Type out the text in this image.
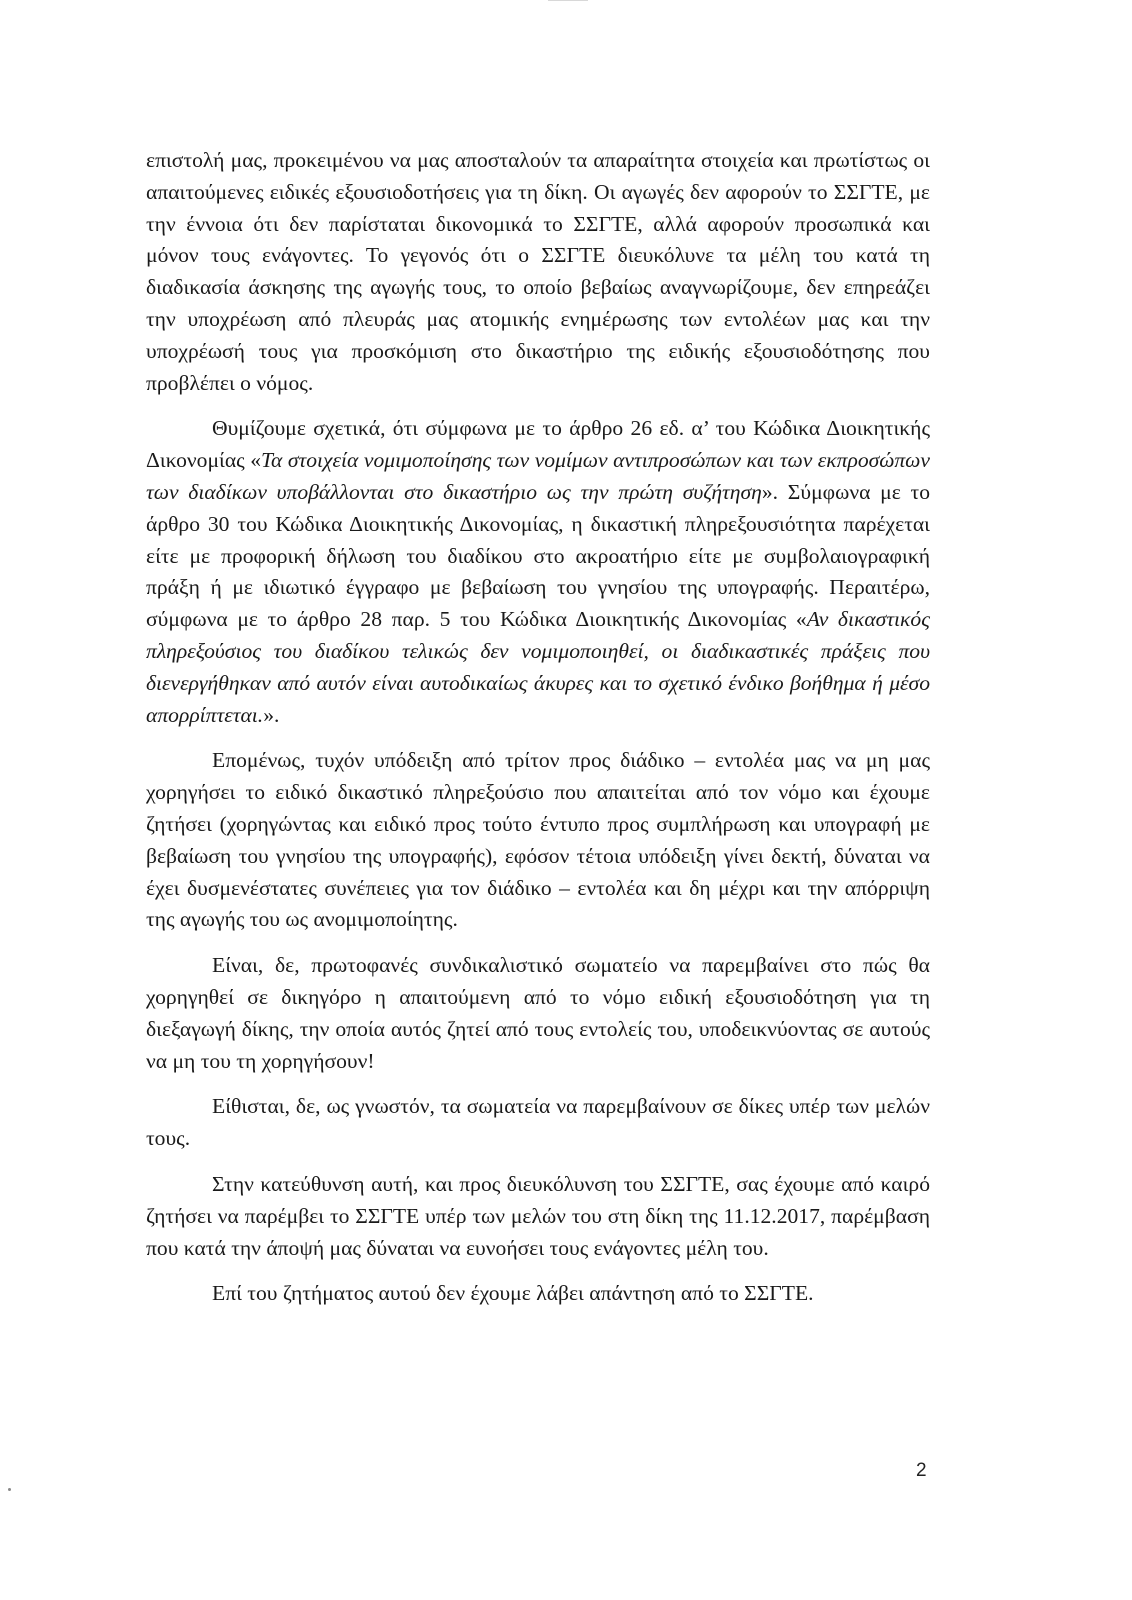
επιστολή μας, προκειμένου να μας αποσταλούν τα απαραίτητα στοιχεία και πρωτίστως οι απαιτούμενες ειδικές εξουσιοδοτήσεις για τη δίκη. Οι αγωγές δεν αφορούν το ΣΣΓΤΕ, με την έννοια ότι δεν παρίσταται δικονομικά το ΣΣΓΤΕ, αλλά αφορούν προσωπικά και μόνον τους ενάγοντες. Το γεγονός ότι ο ΣΣΓΤΕ διευκόλυνε τα μέλη του κατά τη διαδικασία άσκησης της αγωγής τους, το οποίο βεβαίως αναγνωρίζουμε, δεν επηρεάζει την υποχρέωση από πλευράς μας ατομικής ενημέρωσης των εντολέων μας και την υποχρέωσή τους για προσκόμιση στο δικαστήριο της ειδικής εξουσιοδότησης που προβλέπει ο νόμος.

Θυμίζουμε σχετικά, ότι σύμφωνα με το άρθρο 26 εδ. α’ του Κώδικα Διοικητικής Δικονομίας «Τα στοιχεία νομιμοποίησης των νομίμων αντιπροσώπων και των εκπροσώπων των διαδίκων υποβάλλονται στο δικαστήριο ως την πρώτη συζήτηση». Σύμφωνα με το άρθρο 30 του Κώδικα Διοικητικής Δικονομίας, η δικαστική πληρεξουσιότητα παρέχεται είτε με προφορική δήλωση του διαδίκου στο ακροατήριο είτε με συμβολαιογραφική πράξη ή με ιδιωτικό έγγραφο με βεβαίωση του γνησίου της υπογραφής. Περαιτέρω, σύμφωνα με το άρθρο 28 παρ. 5 του Κώδικα Διοικητικής Δικονομίας «Αν δικαστικός πληρεξούσιος του διαδίκου τελικώς δεν νομιμοποιηθεί, οι διαδικαστικές πράξεις που διενεργήθηκαν από αυτόν είναι αυτοδικαίως άκυρες και το σχετικό ένδικο βοήθημα ή μέσο απορρίπτεται.».

Επομένως, τυχόν υπόδειξη από τρίτον προς διάδικο – εντολέα μας να μη μας χορηγήσει το ειδικό δικαστικό πληρεξούσιο που απαιτείται από τον νόμο και έχουμε ζητήσει (χορηγώντας και ειδικό προς τούτο έντυπο προς συμπλήρωση και υπογραφή με βεβαίωση του γνησίου της υπογραφής), εφόσον τέτοια υπόδειξη γίνει δεκτή, δύναται να έχει δυσμενέστατες συνέπειες για τον διάδικο – εντολέα και δη μέχρι και την απόρριψη της αγωγής του ως ανομιμοποίητης.

Είναι, δε, πρωτοφανές συνδικαλιστικό σωματείο να παρεμβαίνει στο πώς θα χορηγηθεί σε δικηγόρο η απαιτούμενη από το νόμο ειδική εξουσιοδότηση για τη διεξαγωγή δίκης, την οποία αυτός ζητεί από τους εντολείς του, υποδεικνύοντας σε αυτούς να μη του τη χορηγήσουν!

Είθισται, δε, ως γνωστόν, τα σωματεία να παρεμβαίνουν σε δίκες υπέρ των μελών τους.

Στην κατεύθυνση αυτή, και προς διευκόλυνση του ΣΣΓΤΕ, σας έχουμε από καιρό ζητήσει να παρέμβει το ΣΣΓΤΕ υπέρ των μελών του στη δίκη της 11.12.2017, παρέμβαση που κατά την άποψή μας δύναται να ευνοήσει τους ενάγοντες μέλη του.

Επί του ζητήματος αυτού δεν έχουμε λάβει απάντηση από το ΣΣΓΤΕ.

2
